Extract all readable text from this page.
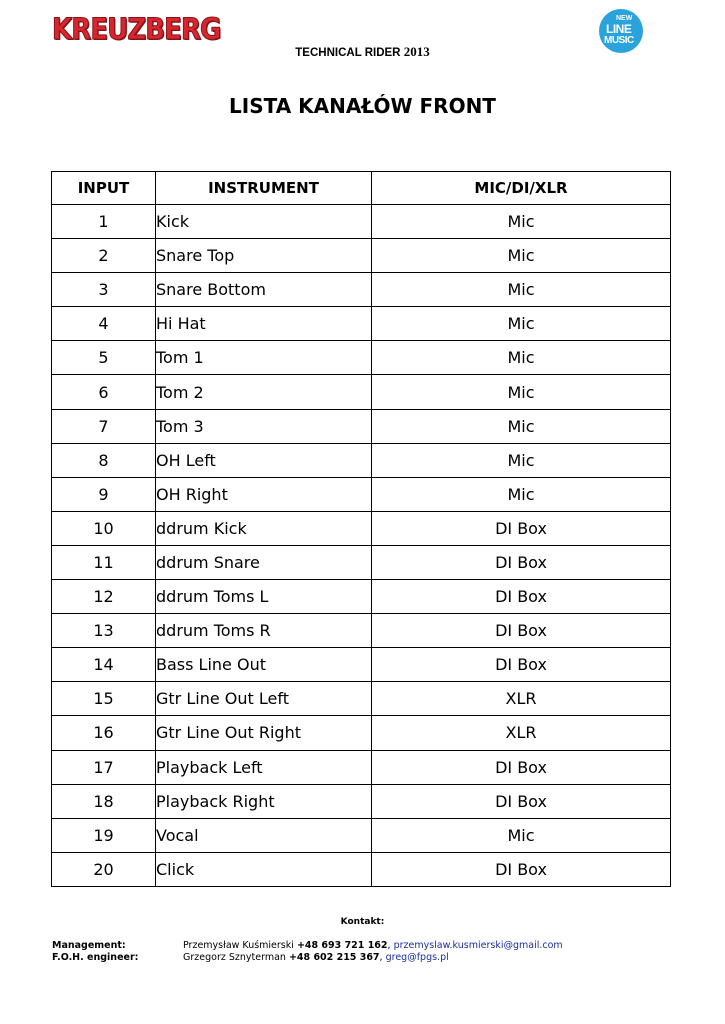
KREUZBERG
TECHNICAL RIDER 2013
NEW
LINE
MUSIC
LISTA KANAŁÓW FRONT
INPUT	INSTRUMENT	MIC/DI/XLR
1	Kick	Mic
2	Snare Top	Mic
3	Snare Bottom	Mic
4	Hi Hat	Mic
5	Tom 1	Mic
6	Tom 2	Mic
7	Tom 3	Mic
8	OH Left	Mic
9	OH Right	Mic
10	ddrum Kick	DI Box
11	ddrum Snare	DI Box
12	ddrum Toms L	DI Box
13	ddrum Toms R	DI Box
14	Bass Line Out	DI Box
15	Gtr Line Out Left	XLR
16	Gtr Line Out Right	XLR
17	Playback Left	DI Box
18	Playback Right	DI Box
19	Vocal	Mic
20	Click	DI Box
Kontakt:
Management:	Przemysław Kuśmierski +48 693 721 162, przemyslaw.kusmierski@gmail.com
F.O.H. engineer:	Grzegorz Sznyterman +48 602 215 367, greg@fpgs.pl
